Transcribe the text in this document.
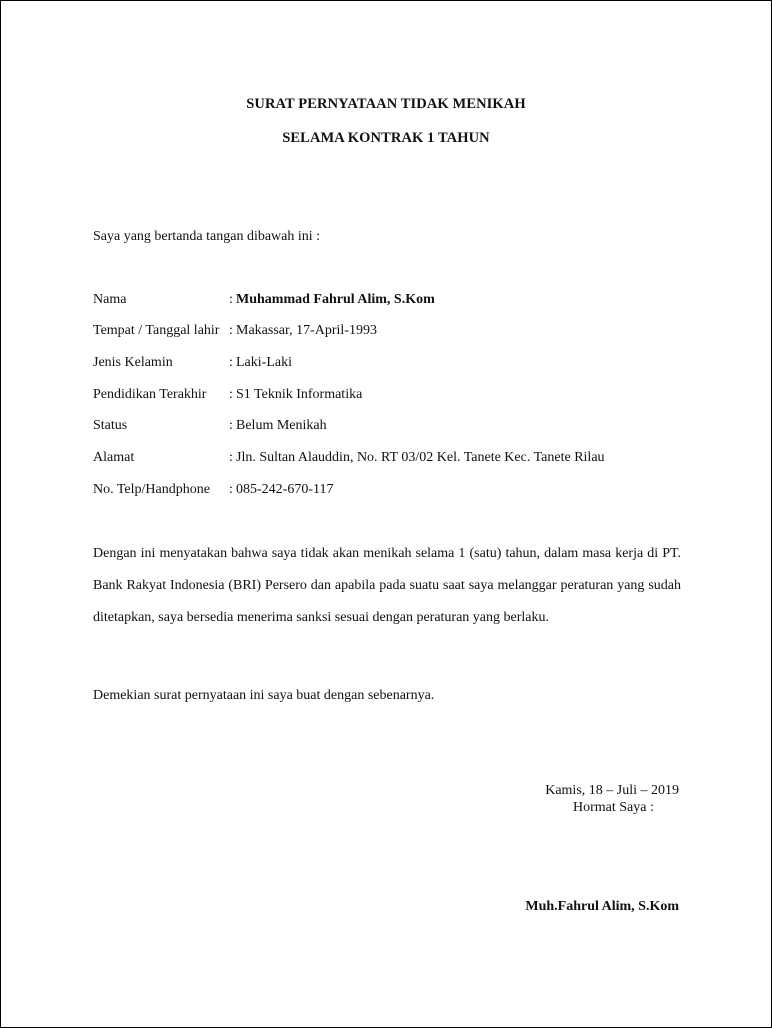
SURAT PERNYATAAN TIDAK MENIKAH
SELAMA KONTRAK 1 TAHUN
Saya yang bertanda tangan dibawah ini :
Nama	: Muhammad Fahrul Alim, S.Kom
Tempat / Tanggal lahir : Makassar, 17-April-1993
Jenis Kelamin	: Laki-Laki
Pendidikan Terakhir : S1 Teknik Informatika
Status	: Belum Menikah
Alamat	: Jln. Sultan Alauddin, No. RT 03/02 Kel. Tanete Kec. Tanete Rilau
No. Telp/Handphone : 085-242-670-117
Dengan ini menyatakan bahwa saya tidak akan menikah selama 1 (satu) tahun, dalam masa kerja di PT. Bank Rakyat Indonesia (BRI) Persero dan apabila pada suatu saat saya melanggar peraturan yang sudah ditetapkan, saya bersedia menerima sanksi sesuai dengan peraturan yang berlaku.
Demekian surat pernyataan ini saya buat dengan sebenarnya.
Kamis, 18 – Juli – 2019
Hormat Saya :
Muh.Fahrul Alim, S.Kom
